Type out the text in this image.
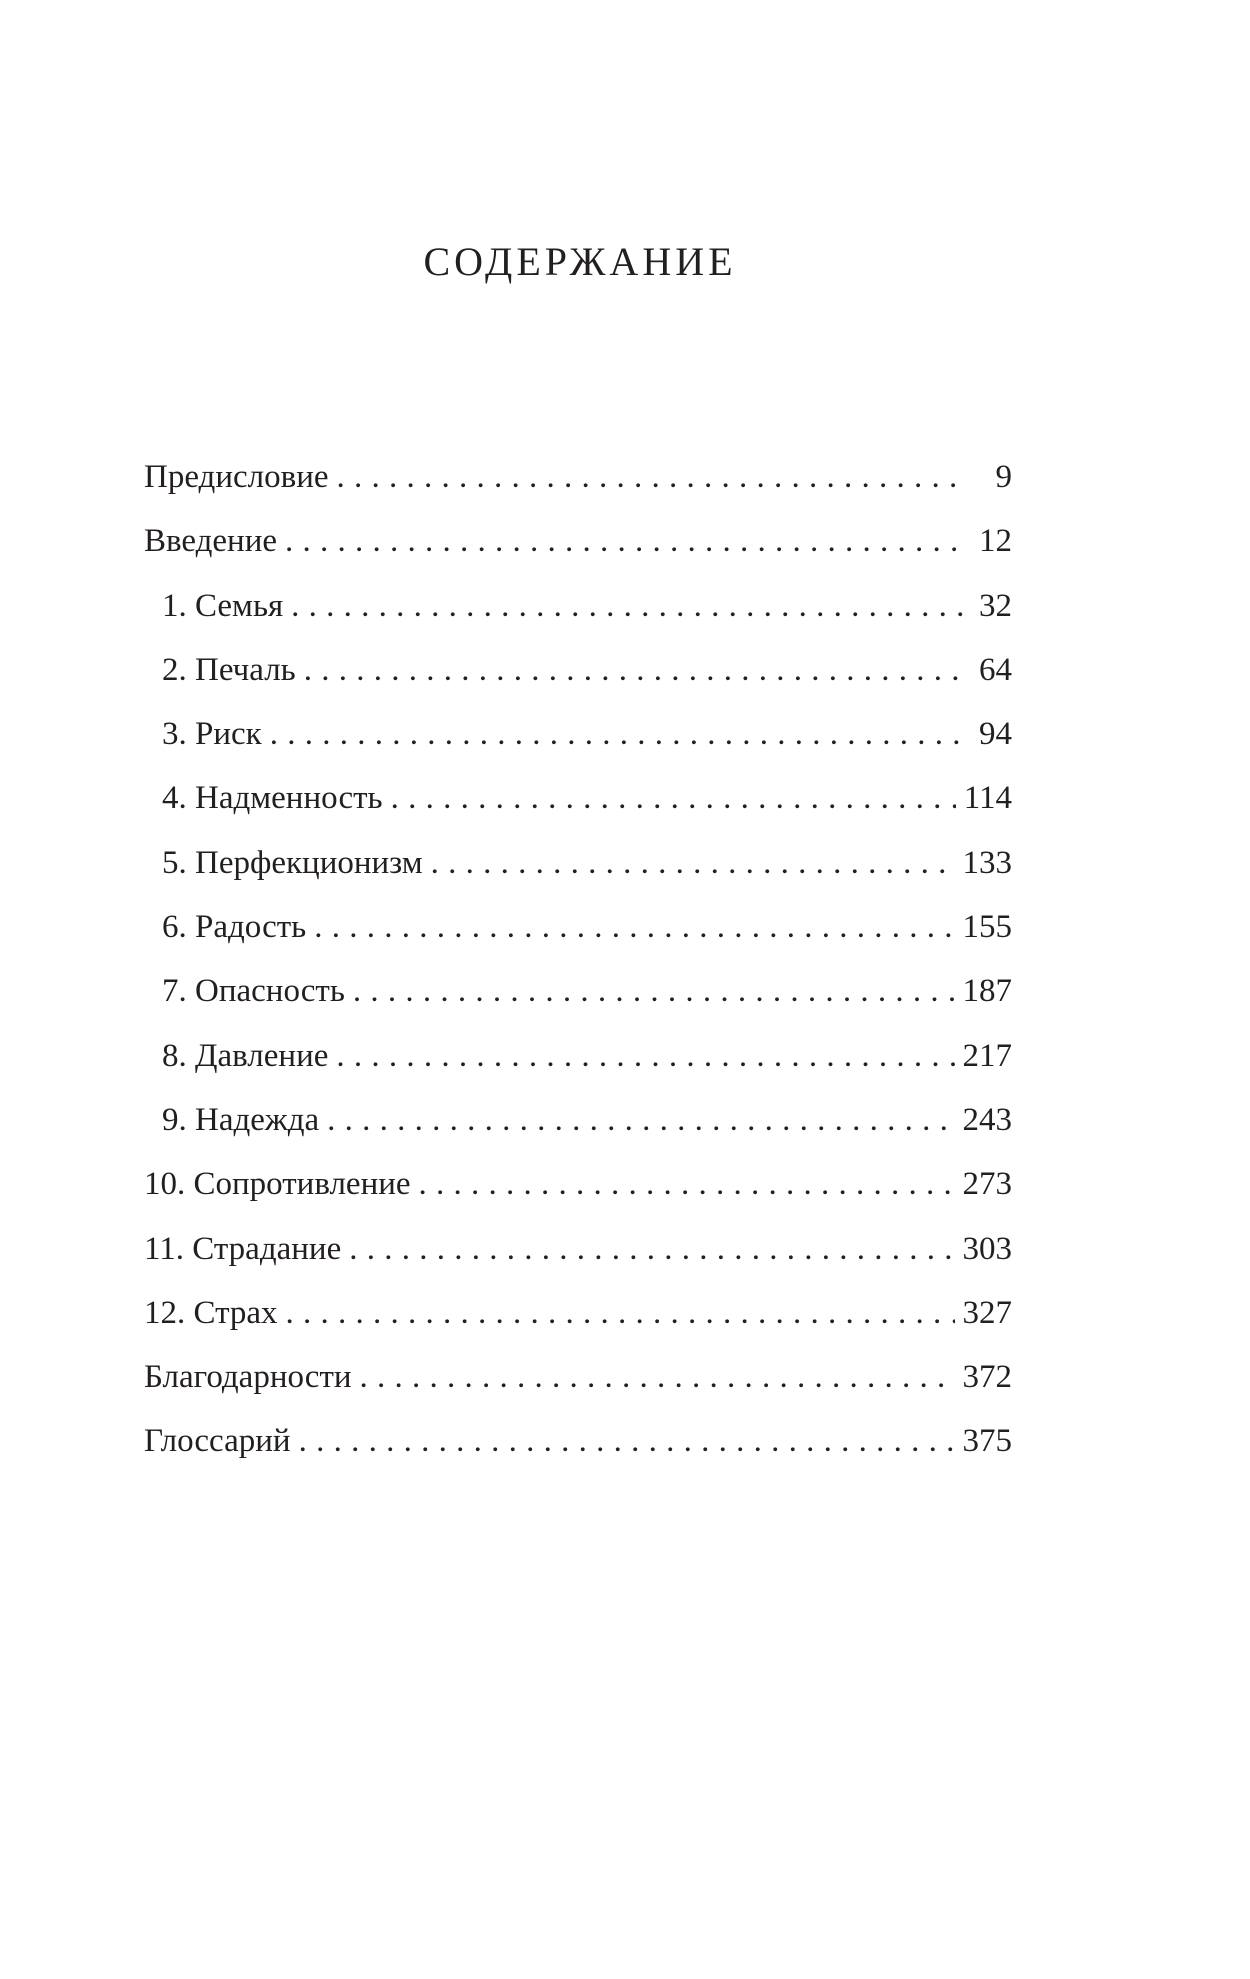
СОДЕРЖАНИЕ
Предисловие . . .	9
Введение . . .	12
1. Семья . . .	32
2. Печаль . . .	64
3. Риск . . .	94
4. Надменность . . .	114
5. Перфекционизм . . .	133
6. Радость . . .	155
7. Опасность . . .	187
8. Давление . . .	217
9. Надежда . . .	243
10. Сопротивление . . .	273
11. Страдание . . .	303
12. Страх . . .	327
Благодарности . . .	372
Глоссарий . . .	375
